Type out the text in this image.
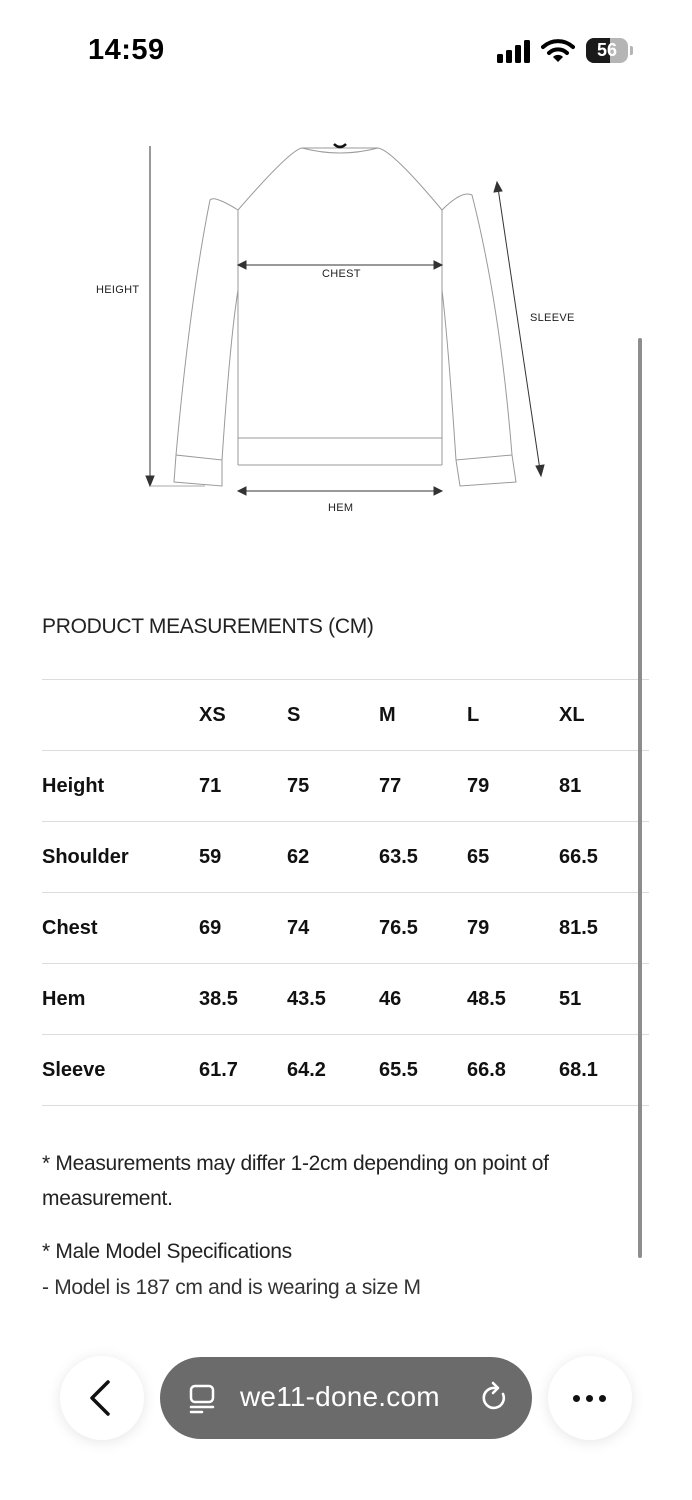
14:59	56
HEIGHT
CHEST
SLEEVE
HEM
PRODUCT MEASUREMENTS (CM)
	XS	S	M	L	XL
Height	71	75	77	79	81
Shoulder	59	62	63.5	65	66.5
Chest	69	74	76.5	79	81.5
Hem	38.5	43.5	46	48.5	51
Sleeve	61.7	64.2	65.5	66.8	68.1
* Measurements may differ 1-2cm depending on point of measurement.
* Male Model Specifications
- Model is 187 cm and is wearing a size M
we11-done.com
